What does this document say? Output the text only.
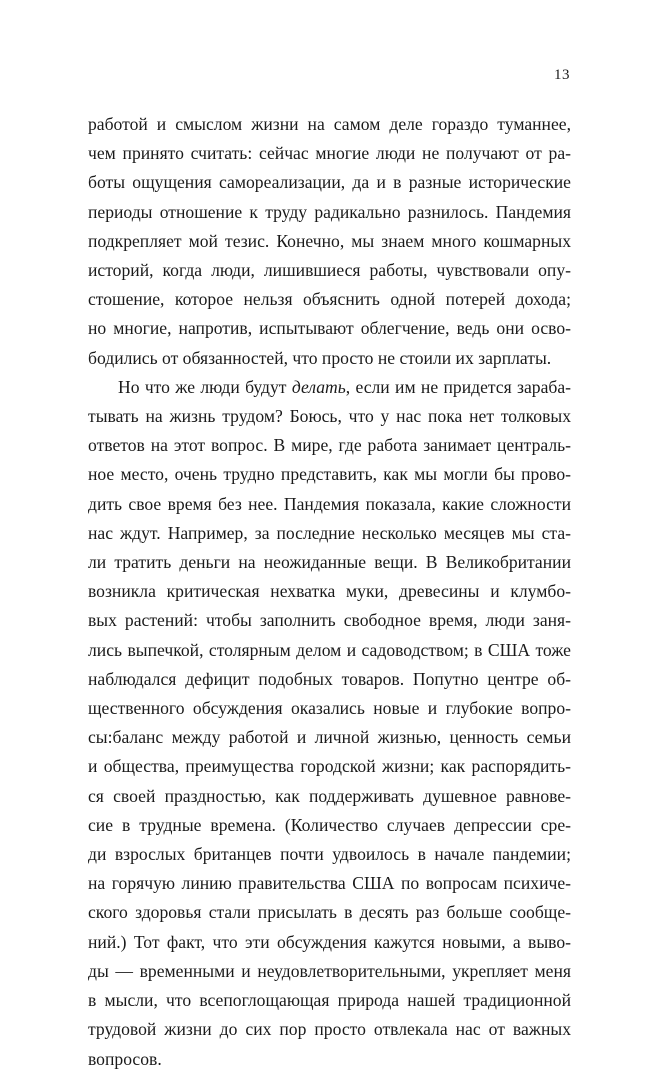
13

работой и смыслом жизни на самом деле гораздо туманнее,
чем принято считать: сейчас многие люди не получают от ра-
боты ощущения самореализации, да и в разные исторические
периоды отношение к труду радикально разнилось. Пандемия
подкрепляет мой тезис. Конечно, мы знаем много кошмарных
историй, когда люди, лишившиеся работы, чувствовали опу-
стошение, которое нельзя объяснить одной потерей дохода;
но многие, напротив, испытывают облегчение, ведь они осво-
бодились от обязанностей, что просто не стоили их зарплаты.

Но что же люди будут делать, если им не придется зараба-
тывать на жизнь трудом? Боюсь, что у нас пока нет толковых
ответов на этот вопрос. В мире, где работа занимает централь-
ное место, очень трудно представить, как мы могли бы прово-
дить свое время без нее. Пандемия показала, какие сложности
нас ждут. Например, за последние несколько месяцев мы ста-
ли тратить деньги на неожиданные вещи. В Великобритании
возникла критическая нехватка муки, древесины и клумбо-
вых растений: чтобы заполнить свободное время, люди заня-
лись выпечкой, столярным делом и садоводством; в США тоже
наблюдался дефицит подобных товаров. Попутно центре об-
щественного обсуждения оказались новые и глубокие вопро-
сы:баланс между работой и личной жизнью, ценность семьи
и общества, преимущества городской жизни; как распорядить-
ся своей праздностью, как поддерживать душевное равнове-
сие в трудные времена. (Количество случаев депрессии сре-
ди взрослых британцев почти удвоилось в начале пандемии;
на горячую линию правительства США по вопросам психиче-
ского здоровья стали присылать в десять раз больше сообще-
ний.) Тот факт, что эти обсуждения кажутся новыми, а выво-
ды — временными и неудовлетворительными, укрепляет меня
в мысли, что всепоглощающая природа нашей традиционной
трудовой жизни до сих пор просто отвлекала нас от важных
вопросов.
